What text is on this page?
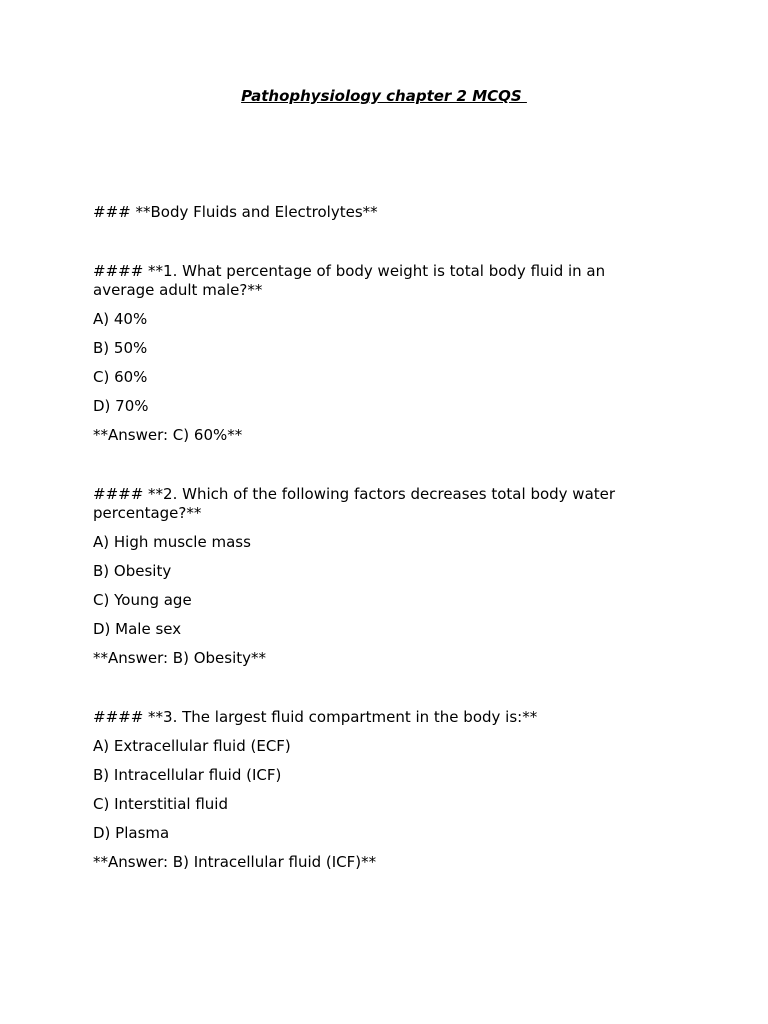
Pathophysiology chapter 2 MCQS

### **Body Fluids and Electrolytes**

#### **1. What percentage of body weight is total body fluid in an average adult male?**

A) 40%

B) 50%

C) 60%

D) 70%

**Answer: C) 60%**

#### **2. Which of the following factors decreases total body water percentage?**

A) High muscle mass

B) Obesity

C) Young age

D) Male sex

**Answer: B) Obesity**

#### **3. The largest fluid compartment in the body is:**

A) Extracellular fluid (ECF)

B) Intracellular fluid (ICF)

C) Interstitial fluid

D) Plasma

**Answer: B) Intracellular fluid (ICF)**
